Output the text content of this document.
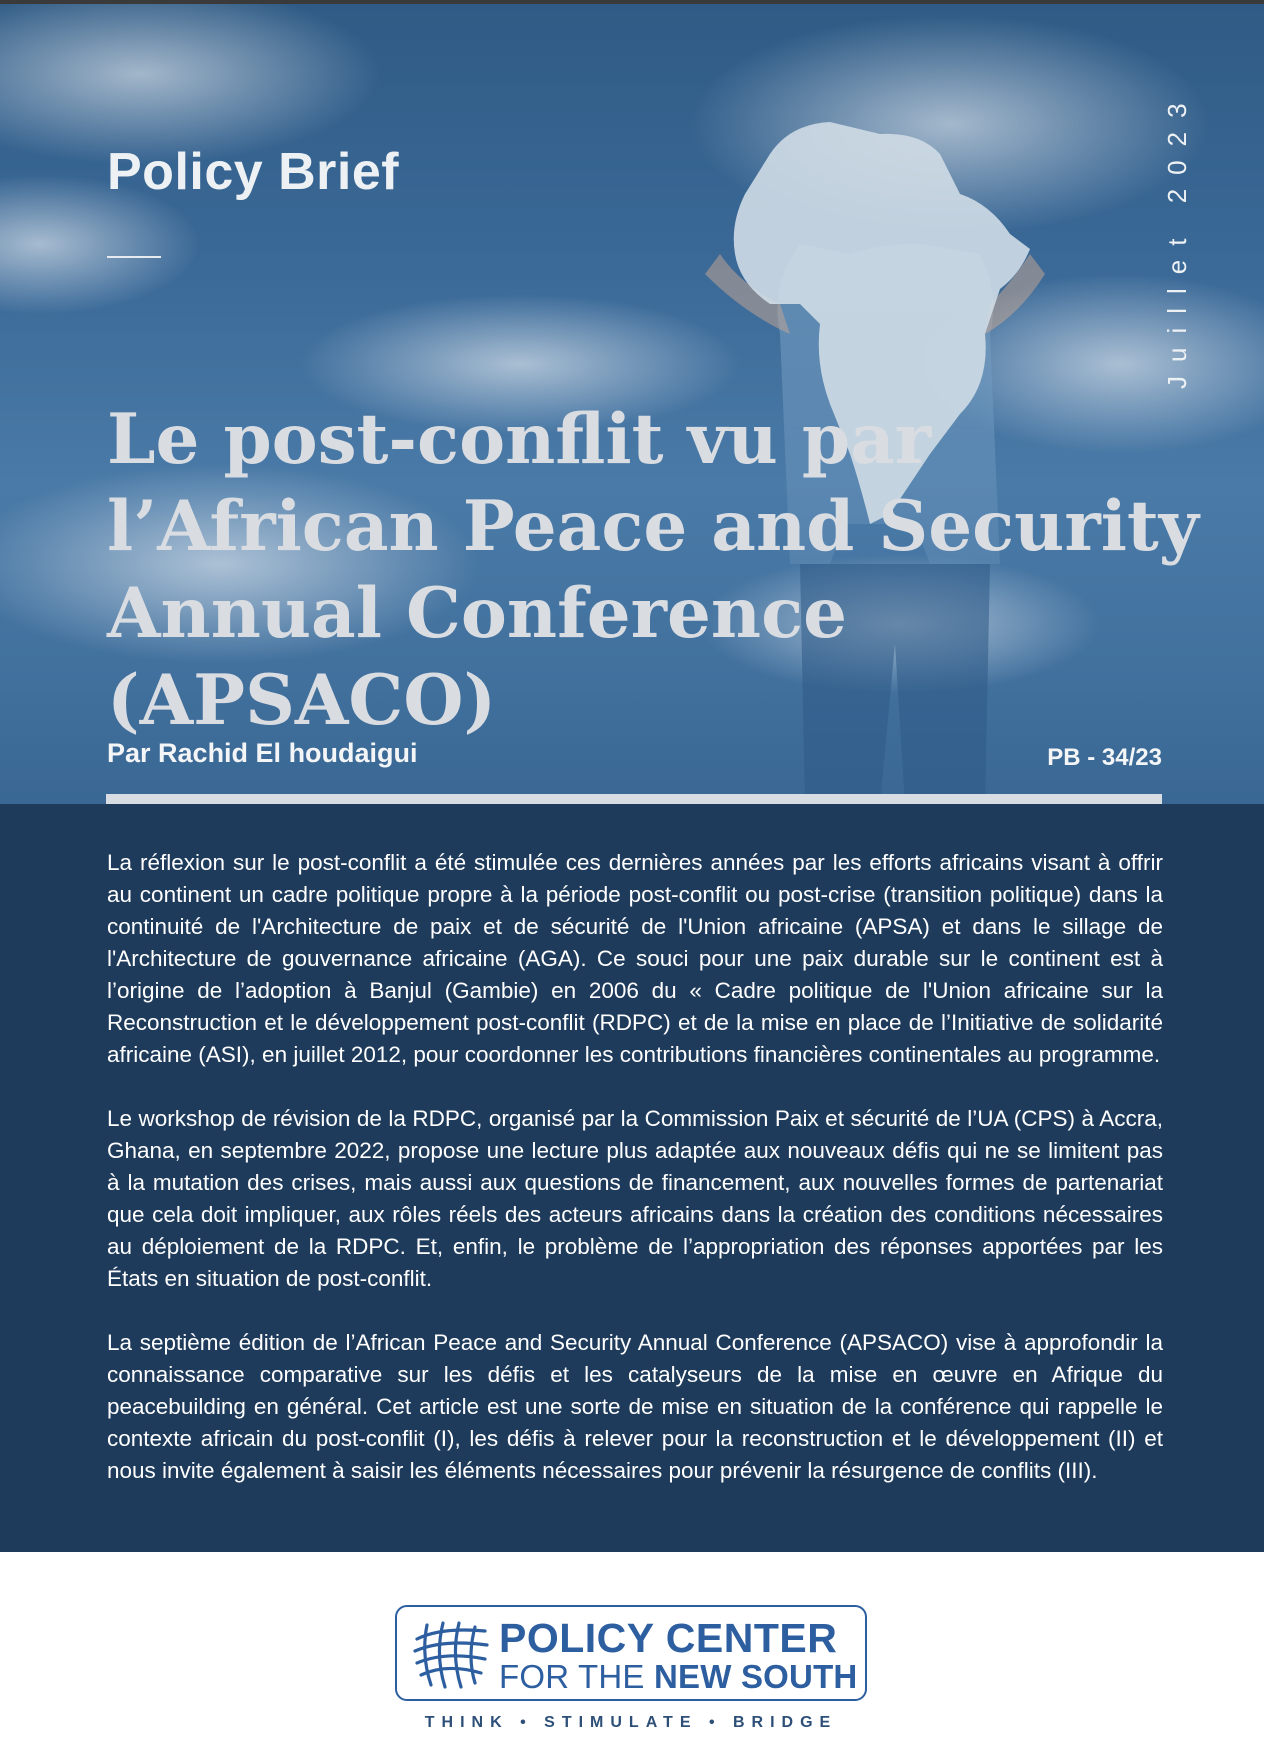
Policy Brief	Juillet 2023
Le post-conflit vu par l’African Peace and Security Annual Conference (APSACO)
Par Rachid El houdaigui	PB - 34/23

La réflexion sur le post-conflit a été stimulée ces dernières années par les efforts africains visant à offrir au continent un cadre politique propre à la période post-conflit ou post-crise (transition politique) dans la continuité de l'Architecture de paix et de sécurité de l'Union africaine (APSA) et dans le sillage de l'Architecture de gouvernance africaine (AGA). Ce souci pour une paix durable sur le continent est à l’origine de l’adoption à Banjul (Gambie) en 2006 du « Cadre politique de l'Union africaine sur la Reconstruction et le développement post-conflit (RDPC) et de la mise en place de l’Initiative de solidarité africaine (ASI), en juillet 2012, pour coordonner les contributions financières continentales au programme.

Le workshop de révision de la RDPC, organisé par la Commission Paix et sécurité de l’UA (CPS) à Accra, Ghana, en septembre 2022, propose une lecture plus adaptée aux nouveaux défis qui ne se limitent pas à la mutation des crises, mais aussi aux questions de financement, aux nouvelles formes de partenariat que cela doit impliquer, aux rôles réels des acteurs africains dans la création des conditions nécessaires au déploiement de la RDPC. Et, enfin, le problème de l’appropriation des réponses apportées par les États en situation de post-conflit.

La septième édition de l’African Peace and Security Annual Conference (APSACO) vise à approfondir la connaissance comparative sur les défis et les catalyseurs de la mise en œuvre en Afrique du peacebuilding en général. Cet article est une sorte de mise en situation de la conférence qui rappelle le contexte africain du post-conflit (I), les défis à relever pour la reconstruction et le développement (II) et nous invite également à saisir les éléments nécessaires pour prévenir la résurgence de conflits (III).

POLICY CENTER
FOR THE NEW SOUTH
THINK • STIMULATE • BRIDGE
